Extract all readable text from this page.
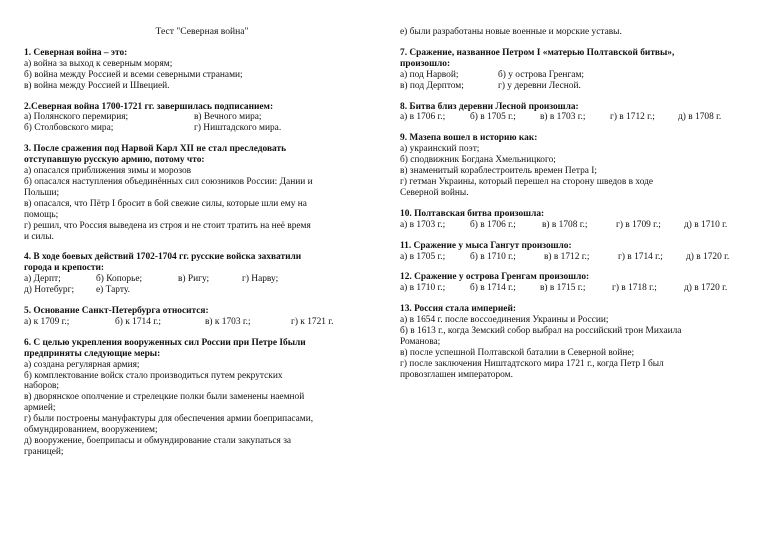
Тест "Северная война"
1. Северная война – это:
а) война за выход к северным морям;
б) война между Россией и всеми северными странами;
в) война между Россией и Швецией.
2.Северная война 1700-1721 гг. завершилась подписанием:
а) Полянского перемирия;	в) Вечного мира;
б) Столбовского мира;	г) Ништадского мира.
3. После сражения под Нарвой Карл XII не стал преследовать
отступавшую русскую армию, потому что:
а) опасался приближения зимы и морозов
б) опасался наступления объединённых сил союзников России: Дании и
Польши;
в) опасался, что Пётр I бросит в бой свежие силы, которые шли ему на
помощь;
г) решил, что Россия выведена из строя и не стоит тратить на неё время
и силы.
4. В ходе боевых действий 1702-1704 гг. русские войска захватили
города и крепости:
а) Дерпт;	б) Копорье;	в) Ригу;	г) Нарву;
д) Нотебург;	е) Тарту.
5. Основание Санкт-Петербурга относится:
а) к 1709 г.;	б) к 1714 г.;	в) к 1703 г.;	г) к 1721 г.
6. С целью укрепления вооруженных сил России при Петре Iбыли
предприняты следующие меры:
а) создана регулярная армия;
б) комплектование войск стало производиться путем рекрутских
наборов;
в) дворянское ополчение и стрелецкие полки были заменены наемной
армией;
г) были построены мануфактуры для обеспечения армии боеприпасами,
обмундированием, вооружением;
д) вооружение, боеприпасы и обмундирование стали закупаться за
границей;
е) были разработаны новые военные и морские уставы.
7. Сражение, названное Петром I «матерью Полтавской битвы»,
произошло:
а) под Нарвой;	б) у острова Гренгам;
в) под Дерптом;	г) у деревни Лесной.
8. Битва близ деревни Лесной произошла:
а) в 1706 г.;	б) в 1705 г.;	в) в 1703 г.;	г) в 1712 г.;	д) в 1708 г.
9. Мазепа вошел в историю как:
а) украинский поэт;
б) сподвижник Богдана Хмельницкого;
в) знаменитый кораблестроитель времен Петра I;
г) гетман Украины, который перешел на сторону шведов в ходе
Северной войны.
10. Полтавская битва произошла:
а) в 1703 г.;	б) в 1706 г.;	в) в 1708 г.;	г) в 1709 г.;	д) в 1710 г.
11. Сражение у мыса Гангут произошло:
а) в 1705 г.;	б) в 1710 г.;	в) в 1712 г.;	г) в 1714 г.;	д) в 1720 г.
12. Сражение у острова Гренгам произошло:
а) в 1710 г.;	б) в 1714 г.;	в) в 1715 г.;	г) в 1718 г.;	д) в 1720 г.
13. Россия стала империей:
а) в 1654 г. после воссоединения Украины и России;
б) в 1613 г., когда Земский собор выбрал на российский трон Михаила
Романова;
в) после успешной Полтавской баталии в Северной войне;
г) после заключения Ништадтского мира 1721 г., когда Петр I был
провозглашен императором.
